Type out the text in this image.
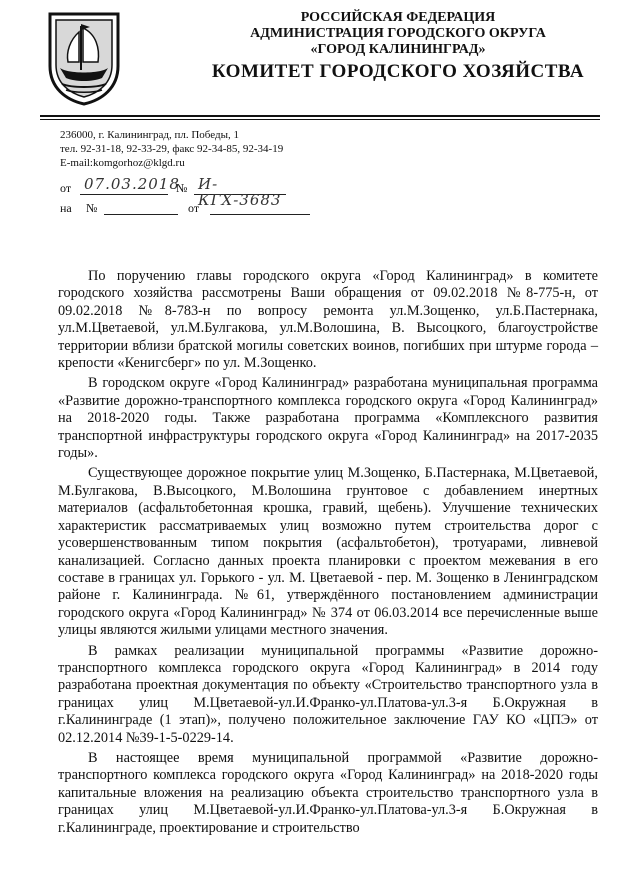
РОССИЙСКАЯ ФЕДЕРАЦИЯ
АДМИНИСТРАЦИЯ ГОРОДСКОГО ОКРУГА
«ГОРОД КАЛИНИНГРАД»
КОМИТЕТ ГОРОДСКОГО ХОЗЯЙСТВА
236000, г. Калининград, пл. Победы, 1
тел. 92-31-18, 92-33-29, факс 92-34-85, 92-34-19
E-mail:komgorhoz@klgd.ru
от 07.03.2018
№ И-КГХ-3683
на №	от

По поручению главы городского округа «Город Калининград» в комитете городского хозяйства рассмотрены Ваши обращения от 09.02.2018 №8-775-н, от 09.02.2018 №8-783-н по вопросу ремонта ул.М.Зощенко, ул.Б.Пастернака, ул.М.Цветаевой, ул.М.Булгакова, ул.М.Волошина, В. Высоцкого, благоустройстве территории вблизи братской могилы советских воинов, погибших при штурме города – крепости «Кенигсберг» по ул. М.Зощенко.

В городском округе «Город Калининград» разработана муниципальная программа «Развитие дорожно-транспортного комплекса городского округа «Город Калининград» на 2018-2020 годы. Также разработана программа «Комплексного развития транспортной инфраструктуры городского округа «Город Калининград» на 2017-2035 годы».

Существующее дорожное покрытие улиц М.Зощенко, Б.Пастернака, М.Цветаевой, М.Булгакова, В.Высоцкого, М.Волошина грунтовое с добавлением инертных материалов (асфальтобетонная крошка, гравий, щебень). Улучшение технических характеристик рассматриваемых улиц возможно путем строительства дорог с усовершенствованным типом покрытия (асфальтобетон), тротуарами, ливневой канализацией. Согласно данных проекта планировки с проектом межевания в его составе в границах ул. Горького - ул. М. Цветаевой - пер. М. Зощенко в Ленинградском районе г. Калининграда. №61, утверждённого постановлением администрации городского округа «Город Калининград» № 374 от 06.03.2014 все перечисленные выше улицы являются жилыми улицами местного значения.

В рамках реализации муниципальной программы «Развитие дорожно-транспортного комплекса городского округа «Город Калининград» в 2014 году разработана проектная документация по объекту «Строительство транспортного узла в границах улиц М.Цветаевой-ул.И.Франко-ул.Платова-ул.3-я Б.Окружная в г.Калининграде (1 этап)», получено положительное заключение ГАУ КО «ЦПЭ» от 02.12.2014 №39-1-5-0229-14.

В настоящее время муниципальной программой «Развитие дорожно-транспортного комплекса городского округа «Город Калининград» на 2018-2020 годы капитальные вложения на реализацию объекта строительство транспортного узла в границах улиц М.Цветаевой-ул.И.Франко-ул.Платова-ул.3-я Б.Окружная в г.Калининграде, проектирование и строительство
